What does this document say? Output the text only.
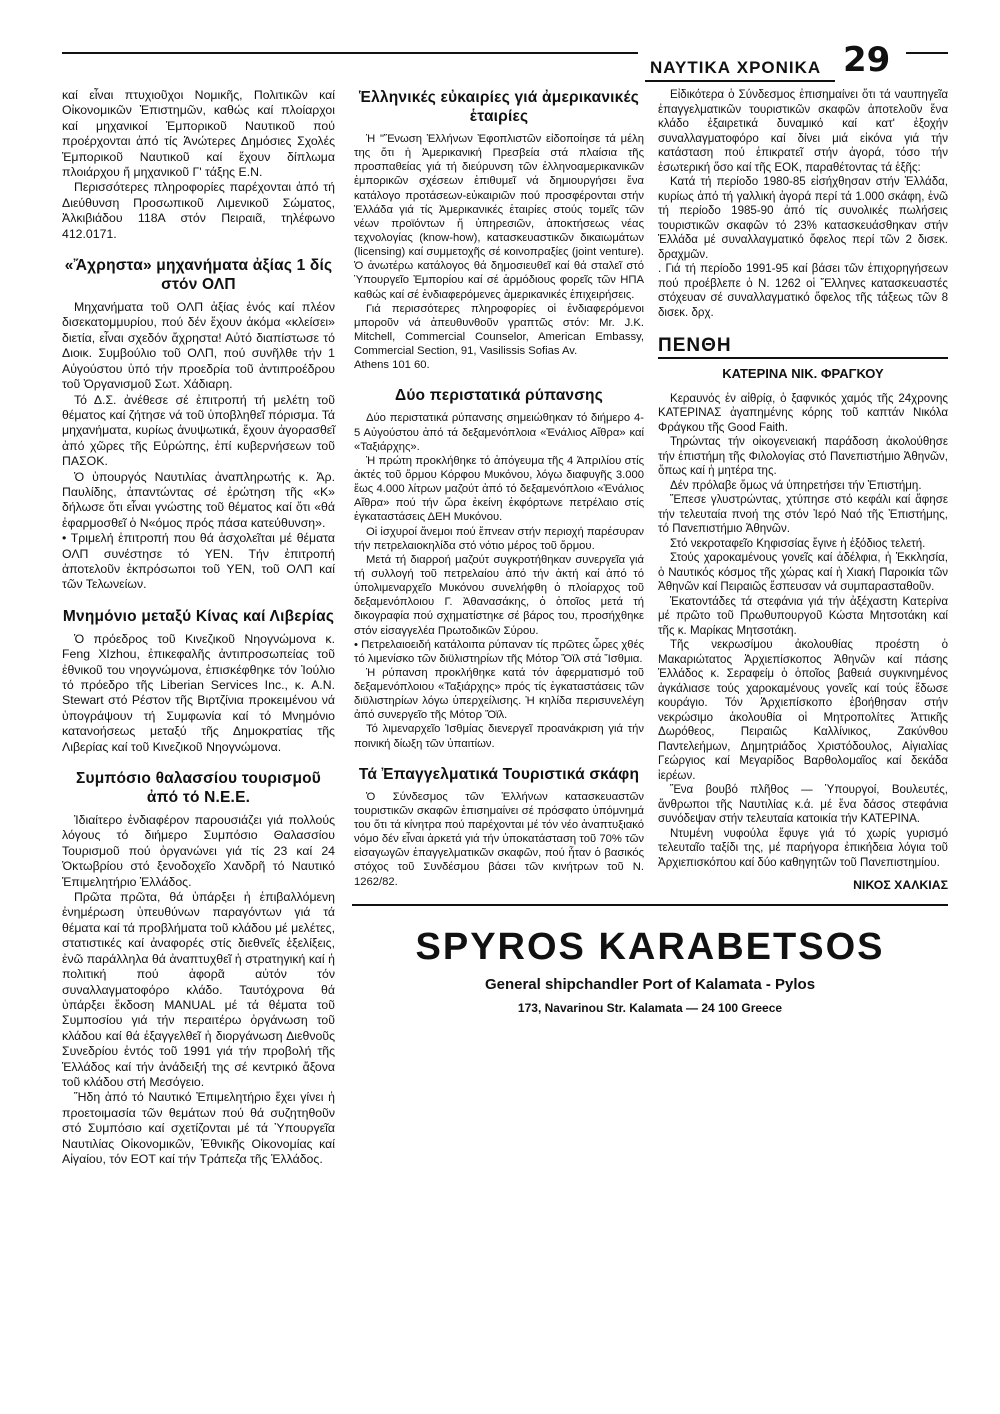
ΝΑΥΤΙΚΑ ΧΡΟΝΙΚΑ 29

καί εἶναι πτυχιοῦχοι Νομικῆς, Πολιτικῶν καί Οἰκονομικῶν Ἐπιστημῶν, καθώς καί πλοίαρχοι καί μηχανικοί Ἐμπορικοῦ Ναυτικοῦ πού προέρχονται ἀπό τίς Ἀνώτερες Δημόσιες Σχολές Ἐμπορικοῦ Ναυτικοῦ καί ἔχουν δίπλωμα πλοιάρχου ἤ μηχανικοῦ Γ' τάξης Ε.Ν.

Περισσότερες πληροφορίες παρέχονται ἀπό τή Διεύθυνση Προσωπικοῦ Λιμενικοῦ Σώματος, Ἀλκιβιάδου 118Α στόν Πειραιᾶ, τηλέφωνο 412.0171.

«Ἄχρηστα» μηχανήματα ἀξίας 1 δίς στόν ΟΛΠ

Μηχανήματα τοῦ ΟΛΠ ἀξίας ἑνός καί πλέον δισεκατομμυρίου, πού δέν ἔχουν ἀκόμα «κλείσει» διετία, εἶναι σχεδόν ἄχρηστα! Αὐτό διαπίστωσε τό Διοικ. Συμβούλιο τοῦ ΟΛΠ, πού συνῆλθε τήν 1 Αὐγούστου ὑπό τήν προεδρία τοῦ ἀντιπροέδρου τοῦ Ὀργανισμοῦ Σωτ. Χάδιαρη.

Τό Δ.Σ. ἀνέθεσε σέ ἐπιτροπή τή μελέτη τοῦ θέματος καί ζήτησε νά τοῦ ὑποβληθεῖ πόρισμα. Τά μηχανήματα, κυρίως ἀνυψωτικά, ἔχουν ἀγορασθεῖ ἀπό χῶρες τῆς Εὐρώπης, ἐπί κυβερνήσεων τοῦ ΠΑΣΟΚ.

Ὁ ὑπουργός Ναυτιλίας ἀναπληρωτής κ. Ἀρ. Παυλίδης, ἀπαντώντας σέ ἐρώτηση τῆς «Κ» δήλωσε ὅτι εἶναι γνώστης τοῦ θέματος καί ὅτι «θά ἐφαρμοσθεῖ ὁ Ν«όμος πρός πάσα κατεύθυνση».

• Τριμελή ἐπιτροπή που θά ἀσχολεῖται μέ θέματα ΟΛΠ συνέστησε τό ΥΕΝ. Τήν ἐπιτροπή ἀποτελοῦν ἐκπρόσωποι τοῦ ΥΕΝ, τοῦ ΟΛΠ καί τῶν Τελωνείων.

Μνημόνιο μεταξύ Κίνας καί Λιβερίας

Ὁ πρόεδρος τοῦ Κινεζικοῦ Νηογνώμονα κ. Feng XIzhou, ἐπικεφαλῆς ἀντιπροσωπείας τοῦ ἐθνικοῦ του νηογνώμονα, ἐπισκέφθηκε τόν Ἰούλιο τό πρόεδρο τῆς Liberian Services Inc., κ. A.N. Stewart στό Ρέστον τῆς Βιρτζίνια προκειμένου νά ὑπογράψουν τή Συμφωνία καί τό Μνημόνιο κατανοήσεως μεταξύ τῆς Δημοκρατίας τῆς Λιβερίας καί τοῦ Κινεζικοῦ Νηογνώμονα.

Συμπόσιο θαλασσίου τουρισμοῦ ἀπό τό Ν.Ε.Ε.

Ἰδιαίτερο ἐνδιαφέρον παρουσιάζει γιά πολλούς λόγους τό διήμερο Συμπόσιο Θαλασσίου Τουρισμοῦ πού ὀργανώνει γιά τίς 23 καί 24 Ὀκτωβρίου στό ξενοδοχεῖο Χανδρῆ τό Ναυτικό Ἐπιμελητήριο Ἑλλάδος.

Πρῶτα πρῶτα, θά ὑπάρξει ἡ ἐπιβαλλόμενη ἐνημέρωση ὑπευθύνων παραγόντων γιά τά θέματα καί τά προβλήματα τοῦ κλάδου μέ μελέτες, στατιστικές καί ἀναφορές στίς διεθνεῖς ἐξελίξεις, ἐνῶ παράλληλα θά ἀναπτυχθεῖ ἡ στρατηγική καί ἡ πολιτική πού ἀφορᾶ αὐτόν τόν συναλλαγματοφόρο κλάδο. Ταυτόχρονα θά ὑπάρξει ἔκδοση MANUAL μέ τά θέματα τοῦ Συμποσίου γιά τήν περαιτέρω ὀργάνωση τοῦ κλάδου καί θά ἐξαγγελθεῖ ἡ διοργάνωση Διεθνοῦς Συνεδρίου ἐντός τοῦ 1991 γιά τήν προβολή τῆς Ἑλλάδος καί τήν ἀνάδειξή της σέ κεντρικό ἄξονα τοῦ κλάδου στή Μεσόγειο.

Ἤδη ἀπό τό Ναυτικό Ἐπιμελητήριο ἔχει γίνει ἡ προετοιμασία τῶν θεμάτων πού θά συζητηθοῦν στό Συμπόσιο καί σχετίζονται μέ τά Ὑπουργεῖα Ναυτιλίας Οἰκονομικῶν, Ἐθνικῆς Οἰκονομίας καί Αἰγαίου, τόν ΕΟΤ καί τήν Τράπεζα τῆς Ἑλλάδος.

Ἑλληνικές εὐκαιρίες γιά ἀμερικανικές ἑταιρίες

Ἡ "Ἕνωση Ἑλλήνων Ἐφοπλιστῶν εἰδοποίησε τά μέλη της ὅτι ἡ Ἀμερικανική Πρεσβεία στά πλαίσια τῆς προσπαθείας γιά τή διεύρυνση τῶν ἑλληνοαμερικανικῶν ἐμπορικῶν σχέσεων ἐπιθυμεῖ νά δημιουργήσει ἕνα κατάλογο προτάσεων-εὐκαιριῶν πού προσφέρονται στήν Ἑλλάδα γιά τίς Ἀμερικανικές ἑταιρίες στούς τομεῖς τῶν νέων προϊόντων ἤ ὑπηρεσιῶν, ἀποκτήσεως νέας τεχνολογίας (know-how), κατασκευαστικῶν δικαιωμάτων (licensing) καί συμμετοχῆς σέ κοινοπραξίες (joint venture). Ὁ ἀνωτέρω κατάλογος θά δημοσιευθεῖ καί θά σταλεῖ στό Ὑπουργεῖο Ἐμπορίου καί σέ ἁρμόδιους φορεῖς τῶν ΗΠΑ καθώς καί σέ ἐνδιαφερόμενες ἀμερικανικές ἐπιχειρήσεις.

Γιά περισσότερες πληροφορίες οἱ ἐνδιαφερόμενοι μποροῦν νά ἀπευθυνθοῦν γραπτῶς στόν: Mr. J.K. Mitchell, Commercial Counselor, American Embassy, Commercial Section, 91, Vasilissis Sofias Av.

Athens 101 60.

Δύο περιστατικά ρύπανσης

Δύο περιστατικά ρύπανσης σημειώθηκαν τό διήμερο 4-5 Αὐγούστου ἀπό τά δεξαμενόπλοια «Ἐνάλιος Αἴθρα» καί «Ταξιάρχης».

Ἡ πρώτη προκλήθηκε τό ἀπόγευμα τῆς 4 Ἀπριλίου στίς ἀκτές τοῦ ὅρμου Κόρφου Μυκόνου, λόγω διαφυγῆς 3.000 ἕως 4.000 λίτρων μαζούτ ἀπό τό δεξαμενόπλοιο «Ἐνάλιος Αἴθρα» πού τήν ὥρα ἐκείνη ἐκφόρτωνε πετρέλαιο στίς ἐγκαταστάσεις ΔΕΗ Μυκόνου.

Οἱ ἰσχυροί ἄνεμοι πού ἔπνεαν στήν περιοχή παρέσυραν τήν πετρελαιοκηλίδα στό νότιο μέρος τοῦ ὅρμου.

Μετά τή διαρροή μαζούτ συγκροτήθηκαν συνεργεῖα γιά τή συλλογή τοῦ πετρελαίου ἀπό τήν ἀκτή καί ἀπό τό ὑπολιμεναρχεῖο Μυκόνου συνελήφθη ὁ πλοίαρχος τοῦ δεξαμενόπλοιου Γ. Ἀθανασάκης, ὁ ὁποῖος μετά τή δικογραφία πού σχηματίστηκε σέ βάρος του, προσήχθηκε στόν εἰσαγγελέα Πρωτοδικῶν Σύρου.

• Πετρελαιοειδή κατάλοιπα ρύπαναν τίς πρῶτες ὧρες χθές τό λιμενίσκο τῶν διϋλιστηρίων τῆς Μότορ Ὄϊλ στά Ἴσθμια.

Ἡ ρύπανση προκλήθηκε κατά τόν ἀφερματισμό τοῦ δεξαμενόπλοιου «Ταξιάρχης» πρός τίς ἐγκαταστάσεις τῶν διϋλιστηρίων λόγω ὑπερχείλισης. Ἡ κηλίδα περισυνελέγη ἀπό συνεργεῖο τῆς Μότορ Ὄϊλ.

Τό λιμεναρχεῖο Ἰσθμίας διενεργεῖ προανάκριση γιά τήν ποινική δίωξη τῶν ὑπαιτίων.

Τά Ἐπαγγελματικά Τουριστικά σκάφη

Ὁ Σύνδεσμος τῶν Ἑλλήνων κατασκευαστῶν τουριστικῶν σκαφῶν ἐπισημαίνει σέ πρόσφατο ὑπόμνημά του ὅτι τά κίνητρα πού παρέχονται μέ τόν νέο ἀναπτυξιακό νόμο δέν εἶναι ἀρκετά γιά τήν ὑποκατάσταση τοῦ 70% τῶν εἰσαγωγῶν ἐπαγγελματικῶν σκαφῶν, πού ἦταν ὁ βασικός στόχος τοῦ Συνδέσμου βάσει τῶν κινήτρων τοῦ Ν. 1262/82.

Εἰδικότερα ὁ Σύνδεσμος ἐπισημαίνει ὅτι τά ναυπηγεῖα ἐπαγγελματικῶν τουριστικῶν σκαφῶν ἀποτελοῦν ἕνα κλάδο ἐξαιρετικά δυναμικό καί κατ' ἐξοχήν συναλλαγματοφόρο καί δίνει μιά εἰκόνα γιά τήν κατάσταση πού ἐπικρατεῖ στήν ἀγορά, τόσο τήν ἐσωτερική ὅσο καί τῆς ΕΟΚ, παραθέτοντας τά ἑξῆς:

Κατά τή περίοδο 1980-85 εἰσήχθησαν στήν Ἑλλάδα, κυρίως ἀπό τή γαλλική ἀγορά περί τά 1.000 σκάφη, ἐνῶ τή περίοδο 1985-90 ἀπό τίς συνολικές πωλήσεις τουριστικῶν σκαφῶν τό 23% κατασκευάσθηκαν στήν Ἑλλάδα μέ συναλλαγματικό ὄφελος περί τῶν 2 δισεκ. δραχμῶν.

. Γιά τή περίοδο 1991-95 καί βάσει τῶν ἐπιχορηγήσεων πού προέβλεπε ὁ Ν. 1262 οἱ Ἕλληνες κατασκευαστές στόχευαν σέ συναλλαγματικό ὄφελος τῆς τάξεως τῶν 8 δισεκ. δρχ.

ΠΕΝΘΗ
ΚΑΤΕΡΙΝΑ ΝΙΚ. ΦΡΑΓΚΟΥ

Κεραυνός ἐν αἰθρίᾳ, ὁ ξαφνικός χαμός τῆς 24χρονης ΚΑΤΕΡΙΝΑΣ ἀγαπημένης κόρης τοῦ καπτάν Νικόλα Φράγκου τῆς Good Faith.

Τηρώντας τήν οἰκογενειακή παράδοση ἀκολούθησε τήν ἐπιστήμη τῆς Φιλολογίας στό Πανεπιστήμιο Ἀθηνῶν, ὅπως καί ἡ μητέρα της.

Δέν πρόλαβε ὅμως νά ὑπηρετήσει τήν Ἐπιστήμη.

Ἔπεσε γλυστρώντας, χτύπησε στό κεφάλι καί ἄφησε τήν τελευταία πνοή της στόν Ἱερό Ναό τῆς Ἐπιστήμης, τό Πανεπιστήμιο Ἀθηνῶν.

Στό νεκροταφεῖο Κηφισσίας ἔγινε ἡ ἐξόδιος τελετή.

Στούς χαροκαμένους γονεῖς καί ἀδέλφια, ἡ Ἐκκλησία, ὁ Ναυτικός κόσμος τῆς χώρας καί ἡ Χιακή Παροικία τῶν Ἀθηνῶν καί Πειραιῶς ἔσπευσαν νά συμπαρασταθοῦν.

Ἑκατοντάδες τά στεφάνια γιά τήν ἀξέχαστη Κατερίνα μέ πρῶτο τοῦ Πρωθυπουργοῦ Κώστα Μητσοτάκη καί τῆς κ. Μαρίκας Μητσοτάκη.

Τῆς νεκρωσίμου ἀκολουθίας προέστη ὁ Μακαριώτατος Ἀρχιεπίσκοπος Ἀθηνῶν καί πάσης Ἑλλάδος κ. Σεραφείμ ὁ ὁποῖος βαθειά συγκινημένος ἀγκάλιασε τούς χαροκαμένους γονεῖς καί τούς ἔδωσε κουράγιο. Τόν Ἀρχιεπίσκοπο ἐβοήθησαν στήν νεκρώσιμο ἀκολουθία οἱ Μητροπολίτες Ἀττικῆς Δωρόθεος, Πειραιῶς Καλλίνικος, Ζακύνθου Παντελεήμων, Δημητριάδος Χριστόδουλος, Αἰγιαλίας Γεώργιος καί Μεγαρίδος Βαρθολομαῖος καί δεκάδα ἱερέων.

Ἕνα βουβό πλῆθος — Ὑπουργοί, Βουλευτές, ἄνθρωποι τῆς Ναυτιλίας κ.ά. μέ ἕνα δάσος στεφάνια συνόδεψαν στήν τελευταία κατοικία τήν ΚΑΤΕΡΙΝΑ.

Ντυμένη νυφούλα ἔφυγε γιά τό χωρίς γυρισμό τελευταῖο ταξίδι της, μέ παρήγορα ἐπικήδεια λόγια τοῦ Ἀρχιεπισκόπου καί δύο καθηγητῶν τοῦ Πανεπιστημίου.

ΝΙΚΟΣ ΧΑΛΚΙΑΣ
SPYROS KARABETSOS
General shipchandler Port of Kalamata - Pylos
173, Navarinou Str. Kalamata — 24 100 Greece
